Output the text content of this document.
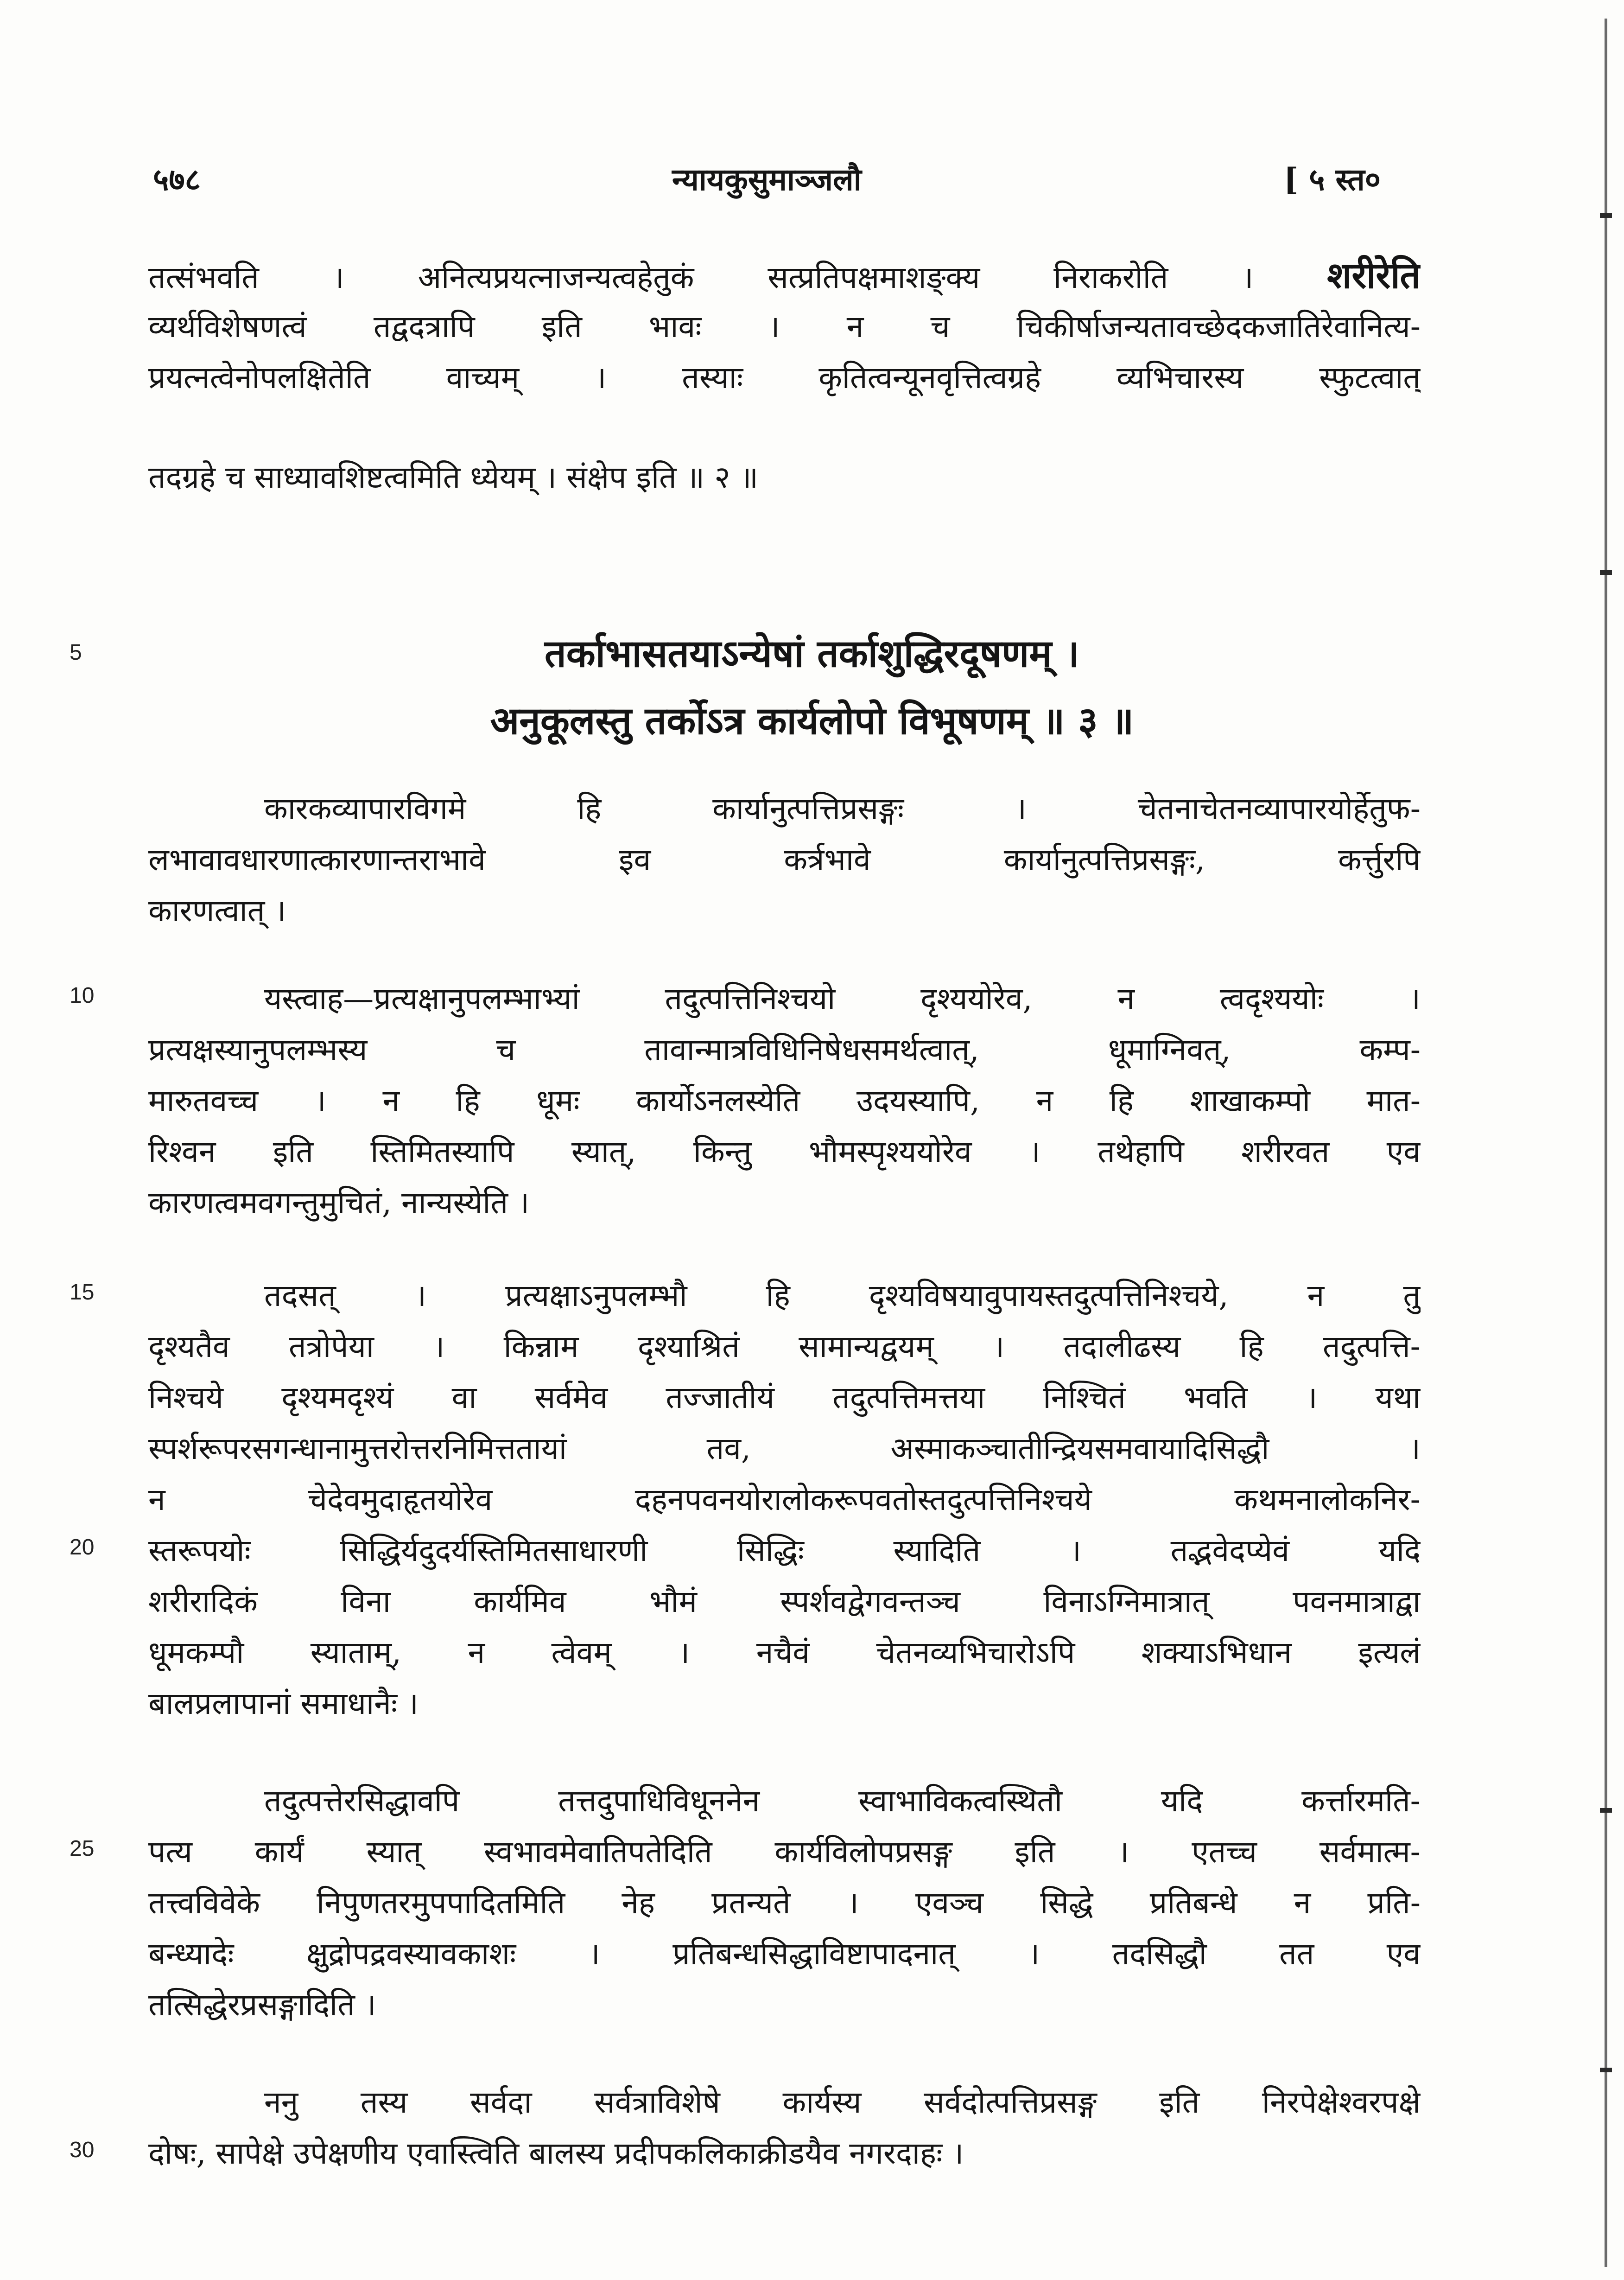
५७८	न्यायकुसुमाञ्जलौ	[ ५ स्त०
तत्संभवति । अनित्यप्रयत्नाजन्यत्वहेतुकं सत्प्रतिपक्षमाशङ्क्य निराकरोति । शरीरेति
व्यर्थविशेषणत्वं तद्वदत्रापि इति भावः । न च चिकीर्षाजन्यतावच्छेदकजातिरेवानित्य-
प्रयत्नत्वेनोपलक्षितेति वाच्यम् । तस्याः कृतित्वन्यूनवृत्तित्वग्रहे व्यभिचारस्य स्फुटत्वात्
तदग्रहे च साध्यावशिष्टत्वमिति ध्येयम् । संक्षेप इति ॥ २ ॥
5	तर्काभासतयाऽन्येषां तर्काशुद्धिरदूषणम् ।
अनुकूलस्तु तर्कोऽत्र कार्यलोपो विभूषणम् ॥ ३ ॥
कारकव्यापारविगमे हि कार्यानुत्पत्तिप्रसङ्गः । चेतनाचेतनव्यापारयोर्हेतुफ-
लभावावधारणात्कारणान्तराभावे इव कर्त्रभावे कार्यानुत्पत्तिप्रसङ्गः, कर्त्तुरपि
कारणत्वात् ।
10	यस्त्वाह—प्रत्यक्षानुपलम्भाभ्यां तदुत्पत्तिनिश्चयो दृश्ययोरेव, न त्वदृश्ययोः ।
प्रत्यक्षस्यानुपलम्भस्य च तावान्मात्रविधिनिषेधसमर्थत्वात्, धूमाग्निवत्, कम्प-
मारुतवच्च । न हि धूमः कार्योऽनलस्येति उदयस्यापि, न हि शाखाकम्पो मात-
रिश्वन इति स्तिमितस्यापि स्यात्, किन्तु भौमस्पृश्ययोरेव । तथेहापि शरीरवत एव
कारणत्वमवगन्तुमुचितं, नान्यस्येति ।
15	तदसत् । प्रत्यक्षाऽनुपलम्भौ हि दृश्यविषयावुपायस्तदुत्पत्तिनिश्चये, न तु
दृश्यतैव तत्रोपेया । किन्नाम दृश्याश्रितं सामान्यद्वयम् । तदालीढस्य हि तदुत्पत्ति-
निश्चये दृश्यमदृश्यं वा सर्वमेव तज्जातीयं तदुत्पत्तिमत्तया निश्चितं भवति । यथा
स्पर्शरूपरसगन्धानामुत्तरोत्तरनिमित्ततायां तव, अस्माकञ्चातीन्द्रियसमवायादिसिद्धौ ।
न चेदेवमुदाहृतयोरेव दहनपवनयोरालोकरूपवतोस्तदुत्पत्तिनिश्चये कथमनालोकनिर-
20 स्तरूपयोः सिद्धिर्यदुदर्यस्तिमितसाधारणी सिद्धिः स्यादिति । तद्भवेदप्येवं यदि
शरीरादिकं विना कार्यमिव भौमं स्पर्शवद्वेगवन्तञ्च विनाऽग्निमात्रात् पवनमात्राद्वा
धूमकम्पौ स्याताम्, न त्वेवम् । नचैवं चेतनव्यभिचारोऽपि शक्याऽभिधान इत्यलं
बालप्रलापानां समाधानैः ।
तदुत्पत्तेरसिद्धावपि तत्तदुपाधिविधूननेन स्वाभाविकत्वस्थितौ यदि कर्त्तारमति-
25 पत्य कार्यं स्यात् स्वभावमेवातिपतेदिति कार्यविलोपप्रसङ्ग इति । एतच्च सर्वमात्म-
तत्त्वविवेके निपुणतरमुपपादितमिति नेह प्रतन्यते । एवञ्च सिद्धे प्रतिबन्धे न प्रति-
बन्ध्यादेः क्षुद्रोपद्रवस्यावकाशः । प्रतिबन्धसिद्धाविष्टापादनात् । तदसिद्धौ तत एव
तत्सिद्धेरप्रसङ्गादिति ।
ननु तस्य सर्वदा सर्वत्राविशेषे कार्यस्य सर्वदोत्पत्तिप्रसङ्ग इति निरपेक्षेश्वरपक्षे
30 दोषः, सापेक्षे उपेक्षणीय एवास्त्विति बालस्य प्रदीपकलिकाक्रीडयैव नगरदाहः ।
